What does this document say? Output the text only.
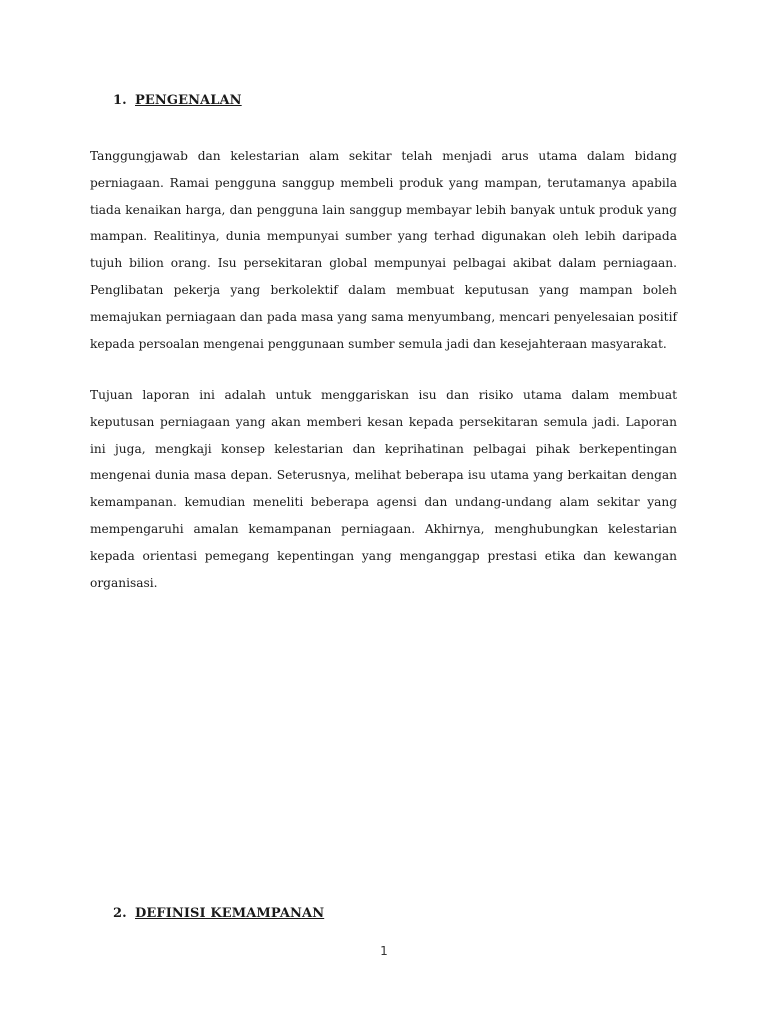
1. PENGENALAN

Tanggungjawab dan kelestarian alam sekitar telah menjadi arus utama dalam bidang perniagaan. Ramai pengguna sanggup membeli produk yang mampan, terutamanya apabila tiada kenaikan harga, dan pengguna lain sanggup membayar lebih banyak untuk produk yang mampan. Realitinya, dunia mempunyai sumber yang terhad digunakan oleh lebih daripada tujuh bilion orang. Isu persekitaran global mempunyai pelbagai akibat dalam perniagaan. Penglibatan pekerja yang berkolektif dalam membuat keputusan yang mampan boleh memajukan perniagaan dan pada masa yang sama menyumbang, mencari penyelesaian positif kepada persoalan mengenai penggunaan sumber semula jadi dan kesejahteraan masyarakat.

Tujuan laporan ini adalah untuk menggariskan isu dan risiko utama dalam membuat keputusan perniagaan yang akan memberi kesan kepada persekitaran semula jadi. Laporan ini juga, mengkaji konsep kelestarian dan keprihatinan pelbagai pihak berkepentingan mengenai dunia masa depan. Seterusnya, melihat beberapa isu utama yang berkaitan dengan kemampanan. kemudian meneliti beberapa agensi dan undang-undang alam sekitar yang mempengaruhi amalan kemampanan perniagaan. Akhirnya, menghubungkan kelestarian kepada orientasi pemegang kepentingan yang menganggap prestasi etika dan kewangan organisasi.

2. DEFINISI KEMAMPANAN

1
